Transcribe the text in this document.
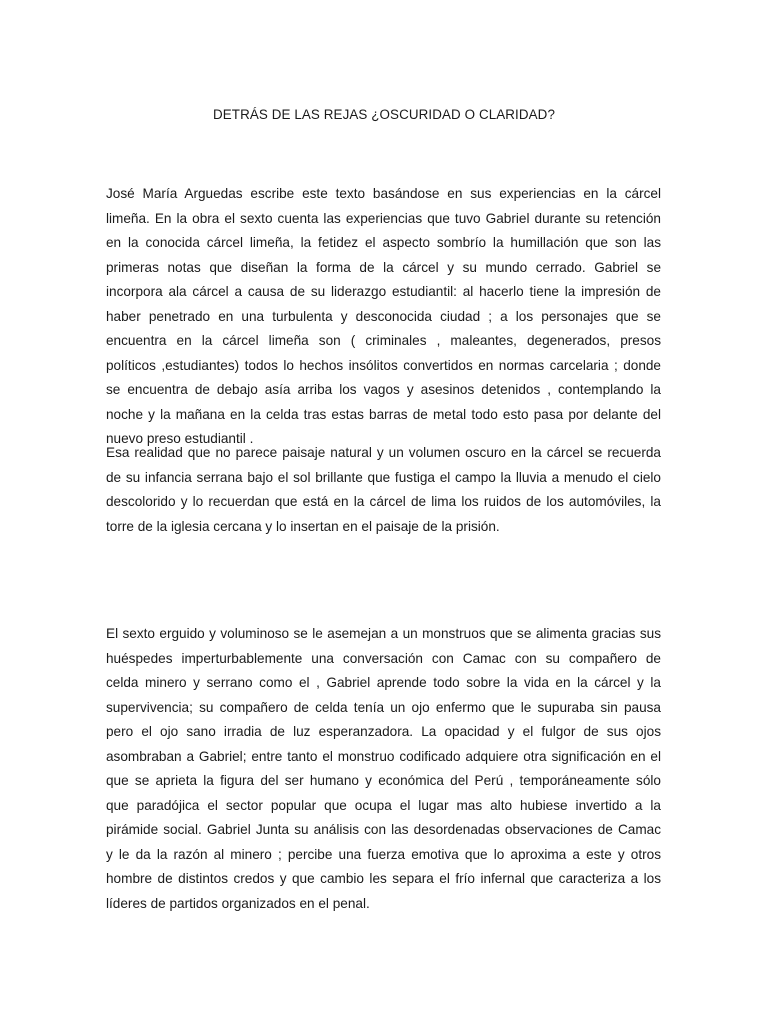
DETRÁS DE LAS REJAS ¿OSCURIDAD O CLARIDAD?
José María Arguedas escribe este texto basándose en sus experiencias en la cárcel
limeña. En la obra el sexto cuenta las experiencias que tuvo Gabriel durante su retención
en la conocida cárcel limeña, la fetidez el aspecto sombrío la humillación que son las
primeras notas que diseñan la forma de la cárcel y su mundo cerrado. Gabriel se
incorpora ala cárcel a causa de su liderazgo estudiantil: al hacerlo tiene la impresión de
haber penetrado en una turbulenta y desconocida ciudad ; a los personajes que se
encuentra en la cárcel limeña son ( criminales , maleantes, degenerados, presos
políticos ,estudiantes) todos lo hechos insólitos convertidos en normas carcelaria ; donde
se encuentra de debajo asía arriba los vagos y asesinos detenidos , contemplando la
noche y la mañana en la celda tras estas barras de metal todo esto pasa por delante del
nuevo preso estudiantil .
Esa realidad que no parece paisaje natural y un volumen oscuro en la cárcel se recuerda
de su infancia serrana bajo el sol brillante que fustiga el campo la lluvia a menudo el cielo
descolorido y lo recuerdan que está en la cárcel de lima los ruidos de los automóviles, la
torre de la iglesia cercana y lo insertan en el paisaje de la prisión.
El sexto erguido y voluminoso se le asemejan a un monstruos que se alimenta gracias sus
huéspedes imperturbablemente una conversación con Camac con su compañero de
celda minero y serrano como el , Gabriel aprende todo sobre la vida en la cárcel y la
supervivencia; su compañero de celda tenía un ojo enfermo que le supuraba sin pausa
pero el ojo sano irradia de luz esperanzadora. La opacidad y el fulgor de sus ojos
asombraban a Gabriel; entre tanto el monstruo codificado adquiere otra significación en el
que se aprieta la figura del ser humano y económica del Perú , temporáneamente sólo
que paradójica el sector popular que ocupa el lugar mas alto hubiese invertido a la
pirámide social. Gabriel Junta su análisis con las desordenadas observaciones de Camac
y le da la razón al minero ; percibe una fuerza emotiva que lo aproxima a este y otros
hombre de distintos credos y que cambio les separa el frío infernal que caracteriza a los
líderes de partidos organizados en el penal.
